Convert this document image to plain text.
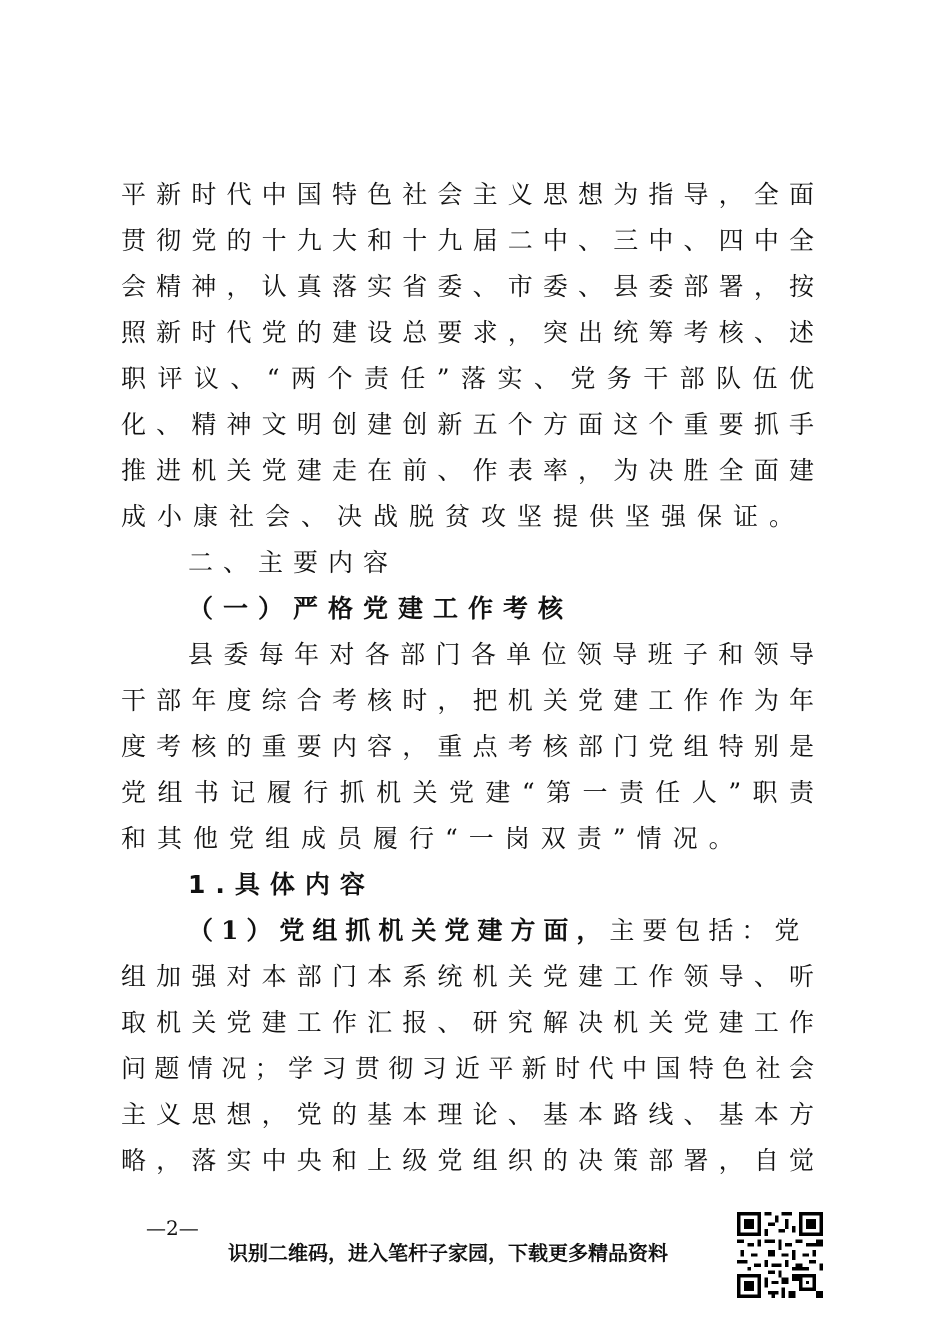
平新时代中国特色社会主义思想为指导，全面
贯彻党的十九大和十九届二中、三中、四中全
会精神，认真落实省委、市委、县委部署，按
照新时代党的建设总要求，突出统筹考核、述
职评议、“两个责任”落实、党务干部队伍优
化、精神文明创建创新五个方面这个重要抓手
推进机关党建走在前、作表率，为决胜全面建
成小康社会、决战脱贫攻坚提供坚强保证。
二、主要内容
（一）严格党建工作考核
县委每年对各部门各单位领导班子和领导
干部年度综合考核时，把机关党建工作作为年
度考核的重要内容，重点考核部门党组特别是
党组书记履行抓机关党建“第一责任人”职责
和其他党组成员履行“一岗双责”情况。
1.具体内容
（1）党组抓机关党建方面，主要包括：党
组加强对本部门本系统机关党建工作领导、听
取机关党建工作汇报、研究解决机关党建工作
问题情况；学习贯彻习近平新时代中国特色社会
主义思想，党的基本理论、基本路线、基本方
略，落实中央和上级党组织的决策部署，自觉
—2—
识别二维码，进入笔杆子家园，下载更多精品资料
